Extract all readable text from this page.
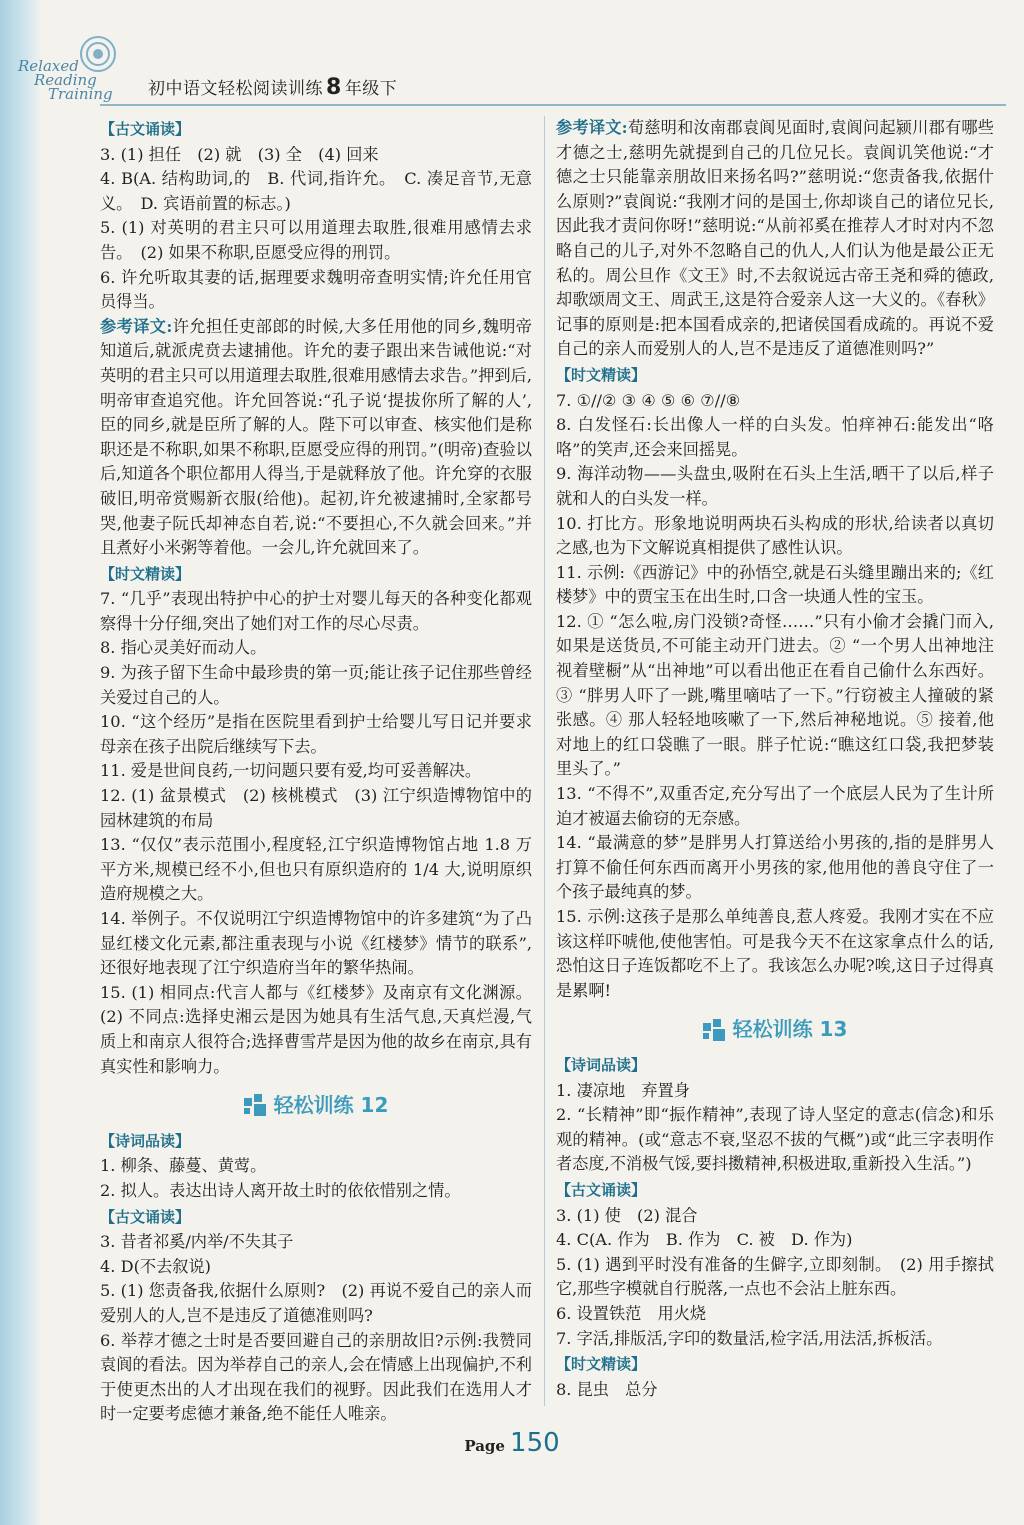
Relaxed
Reading
Training 初中语文轻松阅读训练 8 年级下
【古文诵读】

3. (1) 担任　(2) 就　(3) 全　(4) 回来

4. B(A. 结构助词,的　B. 代词,指许允。　C. 凑足音节,无意义。　D. 宾语前置的标志。)

5. (1) 对英明的君主只可以用道理去取胜,很难用感情去求告。　(2) 如果不称职,臣愿受应得的刑罚。

6. 许允听取其妻的话,据理要求魏明帝查明实情;许允任用官员得当。

参考译文:许允担任吏部郎的时候,大多任用他的同乡,魏明帝知道后,就派虎贲去逮捕他。许允的妻子跟出来告诫他说:“对英明的君主只可以用道理去取胜,很难用感情去求告。”押到后,明帝审查追究他。许允回答说:“孔子说‘提拔你所了解的人’,臣的同乡,就是臣所了解的人。陛下可以审查、核实他们是称职还是不称职,如果不称职,臣愿受应得的刑罚。”(明帝)查验以后,知道各个职位都用人得当,于是就释放了他。许允穿的衣服破旧,明帝赏赐新衣服(给他)。起初,许允被逮捕时,全家都号哭,他妻子阮氏却神态自若,说:“不要担心,不久就会回来。”并且煮好小米粥等着他。一会儿,许允就回来了。

【时文精读】

7. “几乎”表现出特护中心的护士对婴儿每天的各种变化都观察得十分仔细,突出了她们对工作的尽心尽责。

8. 指心灵美好而动人。

9. 为孩子留下生命中最珍贵的第一页;能让孩子记住那些曾经关爱过自己的人。

10. “这个经历”是指在医院里看到护士给婴儿写日记并要求母亲在孩子出院后继续写下去。

11. 爱是世间良药,一切问题只要有爱,均可妥善解决。

12. (1) 盆景模式　(2) 核桃模式　(3) 江宁织造博物馆中的园林建筑的布局

13. “仅仅”表示范围小,程度轻,江宁织造博物馆占地 1.8 万平方米,规模已经不小,但也只有原织造府的 1/4 大,说明原织造府规模之大。

14. 举例子。不仅说明江宁织造博物馆中的许多建筑“为了凸显红楼文化元素,都注重表现与小说《红楼梦》情节的联系”,还很好地表现了江宁织造府当年的繁华热闹。

15. (1) 相同点:代言人都与《红楼梦》及南京有文化渊源。(2) 不同点:选择史湘云是因为她具有生活气息,天真烂漫,气质上和南京人很符合;选择曹雪芹是因为他的故乡在南京,具有真实性和影响力。

轻松训练 12
【诗词品读】

1. 柳条、藤蔓、黄莺。

2. 拟人。表达出诗人离开故土时的依依惜别之情。

【古文诵读】

3. 昔者祁奚/内举/不失其子

4. D(不去叙说)

5. (1) 您责备我,依据什么原则?　(2) 再说不爱自己的亲人而爱别人的人,岂不是违反了道德准则吗?

6. 举荐才德之士时是否要回避自己的亲朋故旧?示例:我赞同袁阆的看法。因为举荐自己的亲人,会在情感上出现偏护,不利于使更杰出的人才出现在我们的视野。因此我们在选用人才时一定要考虑德才兼备,绝不能任人唯亲。

参考译文:荀慈明和汝南郡袁阆见面时,袁阆问起颍川郡有哪些才德之士,慈明先就提到自己的几位兄长。袁阆讥笑他说:“才德之士只能靠亲朋故旧来扬名吗?”慈明说:“您责备我,依据什么原则?”袁阆说:“我刚才问的是国士,你却谈自己的诸位兄长,因此我才责问你呀!”慈明说:“从前祁奚在推荐人才时对内不忽略自己的儿子,对外不忽略自己的仇人,人们认为他是最公正无私的。周公旦作《文王》时,不去叙说远古帝王尧和舜的德政,却歌颂周文王、周武王,这是符合爱亲人这一大义的。《春秋》记事的原则是:把本国看成亲的,把诸侯国看成疏的。再说不爱自己的亲人而爱别人的人,岂不是违反了道德准则吗?”

【时文精读】

7. ①//② ③ ④ ⑤ ⑥ ⑦//⑧

8. 白发怪石:长出像人一样的白头发。怕痒神石:能发出“咯咯”的笑声,还会来回摇晃。

9. 海洋动物——头盘虫,吸附在石头上生活,晒干了以后,样子就和人的白头发一样。

10. 打比方。形象地说明两块石头构成的形状,给读者以真切之感,也为下文解说真相提供了感性认识。

11. 示例:《西游记》中的孙悟空,就是石头缝里蹦出来的;《红楼梦》中的贾宝玉在出生时,口含一块通人性的宝玉。

12. ① “怎么啦,房门没锁?奇怪……”只有小偷才会撬门而入,如果是送货员,不可能主动开门进去。② “一个男人出神地注视着壁橱”从“出神地”可以看出他正在看自己偷什么东西好。③ “胖男人吓了一跳,嘴里嘀咕了一下。”行窃被主人撞破的紧张感。④ 那人轻轻地咳嗽了一下,然后神秘地说。⑤ 接着,他对地上的红口袋瞧了一眼。胖子忙说:“瞧这红口袋,我把梦装里头了。”

13. “不得不”,双重否定,充分写出了一个底层人民为了生计所迫才被逼去偷窃的无奈感。

14. “最满意的梦”是胖男人打算送给小男孩的,指的是胖男人打算不偷任何东西而离开小男孩的家,他用他的善良守住了一个孩子最纯真的梦。

15. 示例:这孩子是那么单纯善良,惹人疼爱。我刚才实在不应该这样吓唬他,使他害怕。可是我今天不在这家拿点什么的话,恐怕这日子连饭都吃不上了。我该怎么办呢?唉,这日子过得真是累啊!

轻松训练 13
【诗词品读】

1. 凄凉地　弃置身

2. “长精神”即“振作精神”,表现了诗人坚定的意志(信念)和乐观的精神。(或“意志不衰,坚忍不拔的气概”)或“此三字表明作者态度,不消极气馁,要抖擞精神,积极进取,重新投入生活。”)

【古文诵读】

3. (1) 使　(2) 混合

4. C(A. 作为　B. 作为　C. 被　D. 作为)

5. (1) 遇到平时没有准备的生僻字,立即刻制。　(2) 用手擦拭它,那些字模就自行脱落,一点也不会沾上脏东西。

6. 设置铁范　用火烧

7. 字活,排版活,字印的数量活,检字活,用法活,拆板活。

【时文精读】

8. 昆虫　总分

Page 150
